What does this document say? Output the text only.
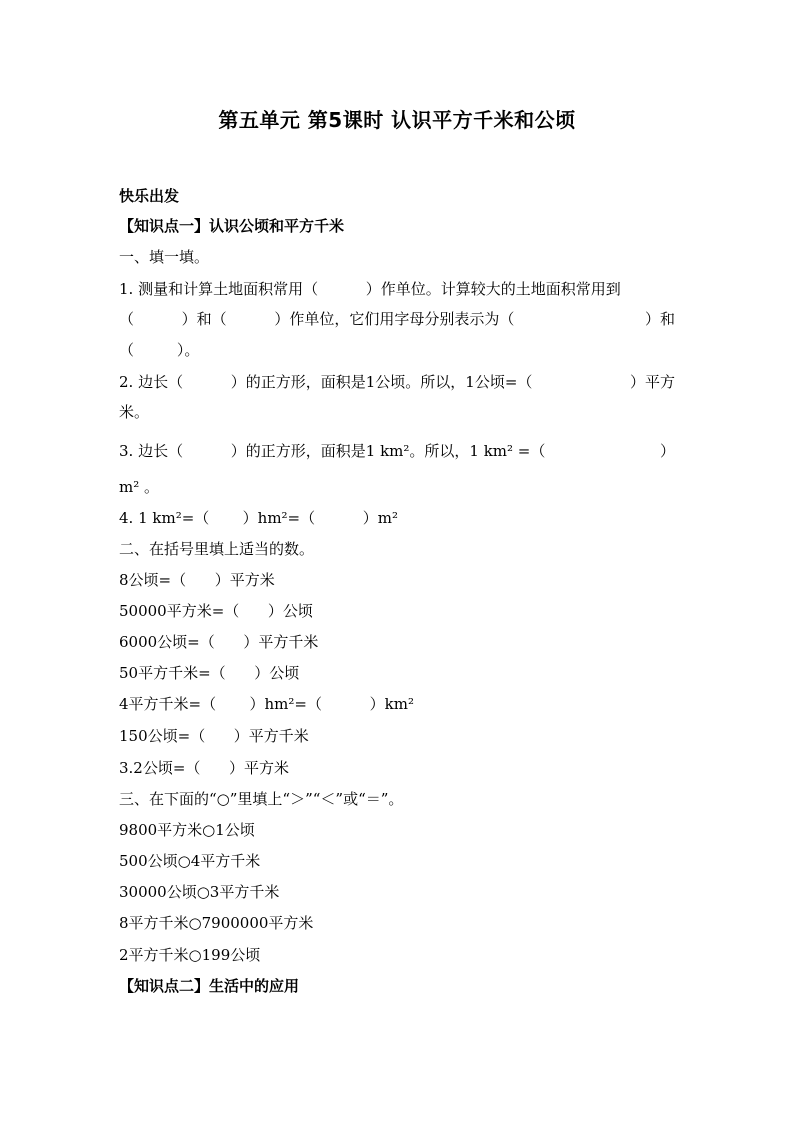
第五单元 第5课时 认识平方千米和公顷
快乐出发
【知识点一】认识公顷和平方千米
一、填一填。
1. 测量和计算土地面积常用（          ）作单位。计算较大的土地面积常用到
（          ）和（          ）作单位，它们用字母分别表示为（	）和
（         ）。
2. 边长（          ）的正方形，面积是1公顷。所以，1公顷=（	）平方
米。
3. 边长（          ）的正方形，面积是1 km²。所以，1 km² =（	）
m² 。
4. 1 km²=（       ）hm²=（          ）m²
二、在括号里填上适当的数。
8公顷=（      ）平方米
50000平方米=（      ）公顷
6000公顷=（      ）平方千米
50平方千米=（      ）公顷
4平方千米=（       ）hm²=（          ）km²
150公顷=（      ）平方千米
3.2公顷=（      ）平方米
三、在下面的“○”里填上“＞”“＜”或“＝”。
9800平方米○1公顷
500公顷○4平方千米
30000公顷○3平方千米
8平方千米○7900000平方米
2平方千米○199公顷
【知识点二】生活中的应用
